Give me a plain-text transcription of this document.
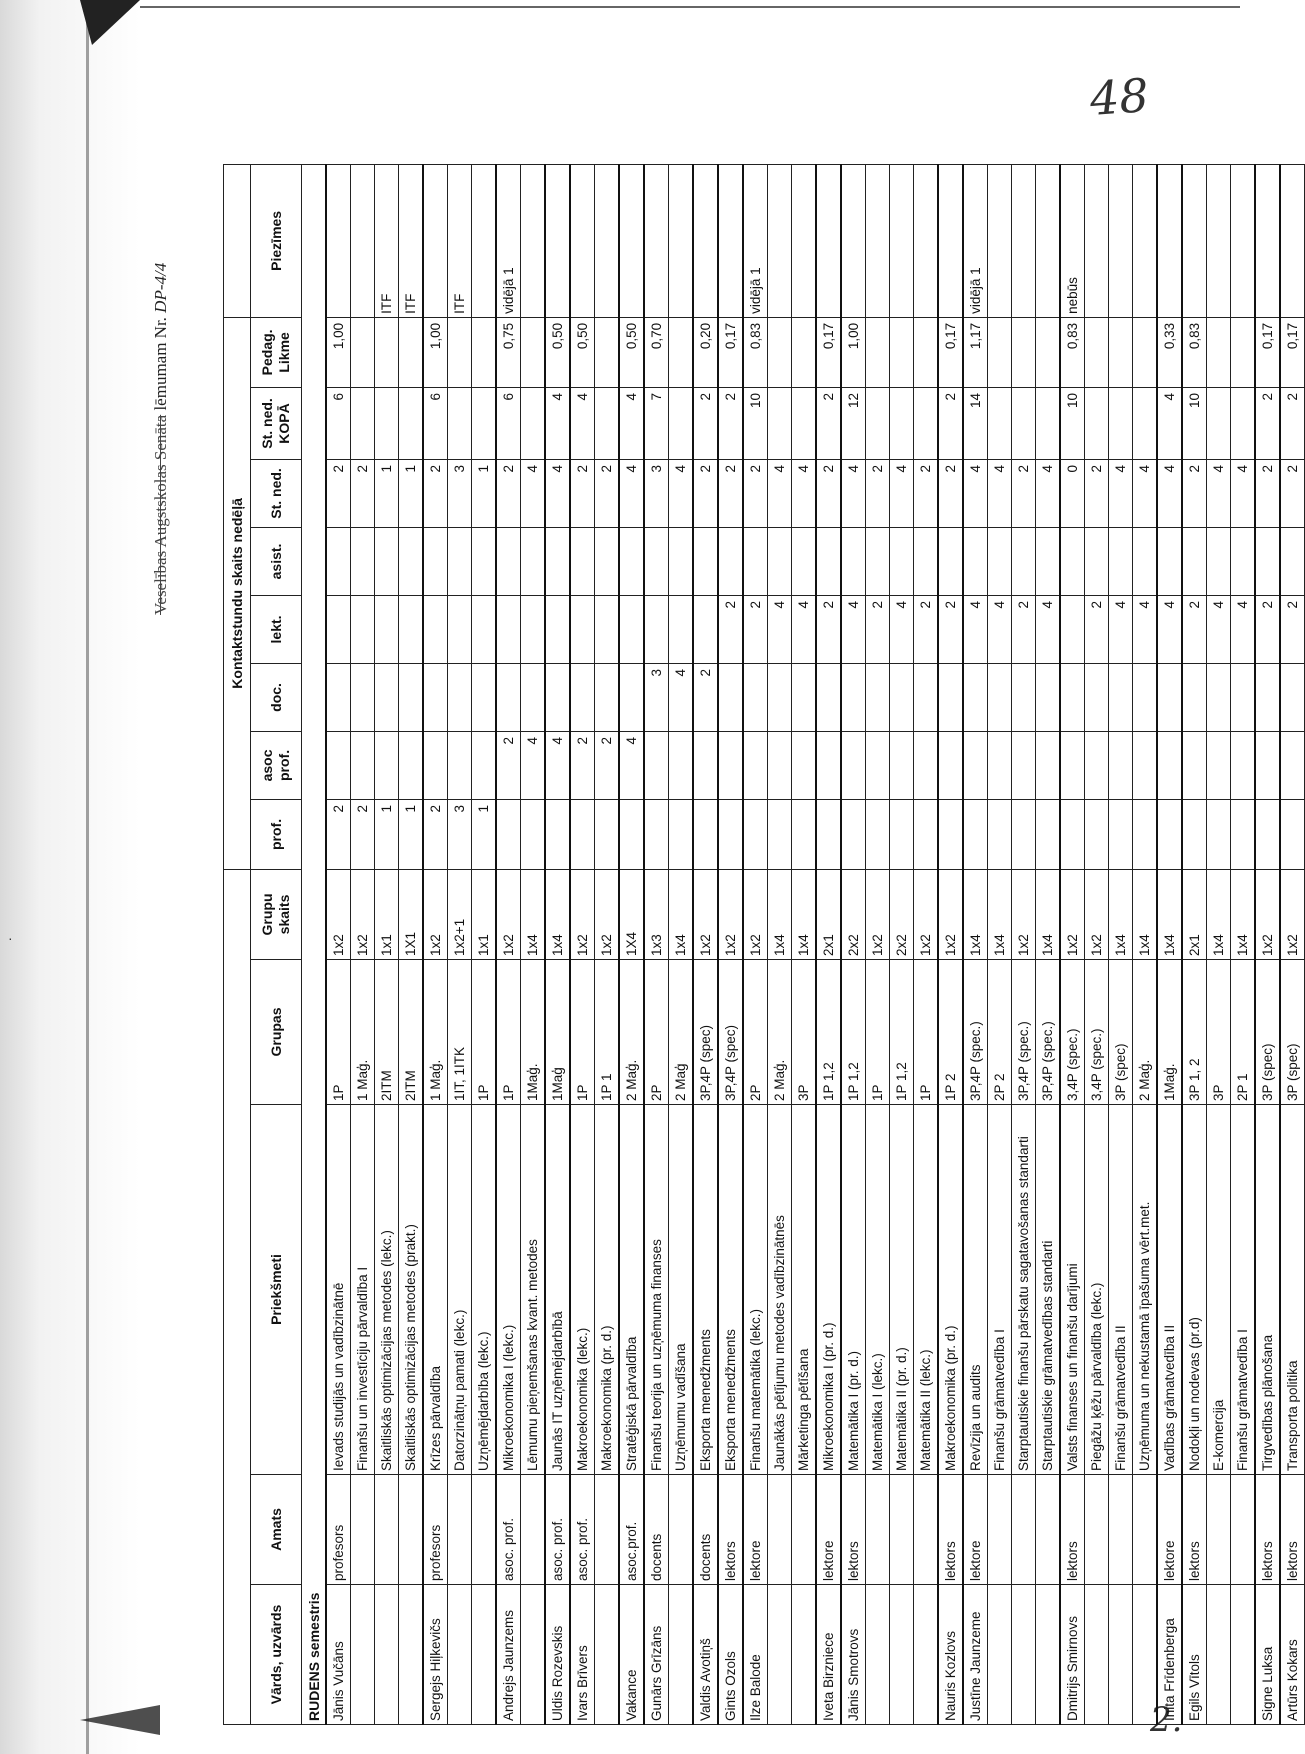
·
48
2.
Veselības Augstskolas Senāta lēmumam Nr. DP-4/4
					Kontaktstundu skaits nedēļā								
Vārds, uzvārds	Amats	Priekšmeti	Grupas	Grupu skaits	prof.	asoc prof.	doc.	lekt.	asist.	St. ned.	St. ned. KOPĀ	Pedag. Likme	Piezīmes
RUDENS semestris													
Jānis Vučāns	profesors	Ievads studijās un vadībzinātnē	1P	1x2	2					2	6	1,00	
		Finanšu un investīciju pārvaldība I	1 Maģ.	1x2	2					2			
		Skaitliskās optimizācijas metodes (lekc.)	2ITM	1x1	1					1			ITF
		Skaitliskās optimizācijas metodes (prakt.)	2ITM	1X1	1					1			ITF
Sergejs Hiļkevičs	profesors	Krīzes pārvaldība	1 Maģ.	1x2	2					2	6	1,00	
		Datorzinātņu pamati (lekc.)	1IT, 1ITK	1x2+1	3					3			ITF
		Uzņēmējdarbība (lekc.)	1P	1x1	1					1			
Andrejs Jaunzems	asoc. prof.	Mikroekonomika I (lekc.)	1P	1x2		2				2	6	0,75	vidējā 1
		Lēmumu pieņemšanas kvant. metodes	1Maģ.	1x4		4				4			
Uldis Rozevskis	asoc. prof.	Jaunās IT uzņēmējdarbībā	1Maģ	1x4		4				4	4	0,50	
Ivars Brīvers	asoc. prof.	Makroekonomika (lekc.)	1P	1x2		2				2	4	0,50	
		Makroekonomika (pr. d.)	1P 1	1x2		2				2			
Vakance	asoc.prof.	Stratēģiskā pārvaldība	2 Maģ.	1X4		4				4	4	0,50	
Gunārs Grīzāns	docents	Finanšu teorija un uzņēmuma finanses	2P	1x3			3			3	7	0,70	
		Uzņēmumu vadīšana	2 Maģ	1x4			4			4			
Valdis Avotiņš	docents	Eksporta menedžments	3P,4P (spec)	1x2			2			2	2	0,20	
Gints Ozols	lektors	Eksporta menedžments	3P,4P (spec)	1x2				2		2	2	0,17	
Ilze Balode	lektore	Finanšu matemātika (lekc.)	2P	1x2				2		2	10	0,83	vidējā 1
		Jaunākās pētījumu metodes vadībzinātnēs	2 Maģ.	1x4				4		4			
		Mārketinga pētīšana	3P	1x4				4		4			
Iveta Birzniece	lektore	Mikroekonomika I (pr. d.)	1P 1,2	2x1				2		2	2	0,17	
Jānis Smotrovs	lektors	Matemātika I (pr. d.)	1P 1,2	2x2				4		4	12	1,00	
		Matemātika I (lekc.)	1P	1x2				2		2			
		Matemātika II (pr. d.)	1P 1,2	2x2				4		4			
		Matemātika II (lekc.)	1P	1x2				2		2			
Nauris Kozlovs	lektors	Makroekonomika (pr. d.)	1P 2	1x2				2		2	2	0,17	
Justīne Jaunzeme	lektore	Revīzija un audits	3P,4P (spec.)	1x4				4		4	14	1,17	vidējā 1
		Finanšu grāmatvedība I	2P 2	1x4				4		4			
		Starptautiskie finanšu pārskatu sagatavošanas standarti	3P,4P (spec.)	1x2				2		2			
		Starptautiskie grāmatvedības standarti	3P,4P (spec.)	1x4				4		4			
Dmitrijs Smirnovs	lektors	Valsts finanses un finanšu darījumi	3,4P (spec.)	1x2						0	10	0,83	nebūs
		Piegāžu ķēžu pārvaldība (lekc.)	3,4P (spec.)	1x2				2		2			
		Finanšu grāmatvedība II	3P (spec)	1x4				4		4			
		Uzņēmuma un nekustamā īpašuma vērt.met.	2 Maģ.	1x4				4		4			
Inita Frīdenberga	lektore	Vadības grāmatvedība II	1Maģ.	1x4				4		4	4	0,33	
Egils Vītols	lektors	Nodokļi un nodevas (pr.d)	3P 1, 2	2x1				2		2	10	0,83	
		E-komercija	3P	1x4				4		4			
		Finanšu grāmatvedība I	2P 1	1x4				4		4			
Signe Luksa	lektors	Tirgvedības plānošana	3P (spec)	1x2				2		2	2	0,17	
Artūrs Kokars	lektors	Transporta politika	3P (spec)	1x2				2		2	2	0,17	
